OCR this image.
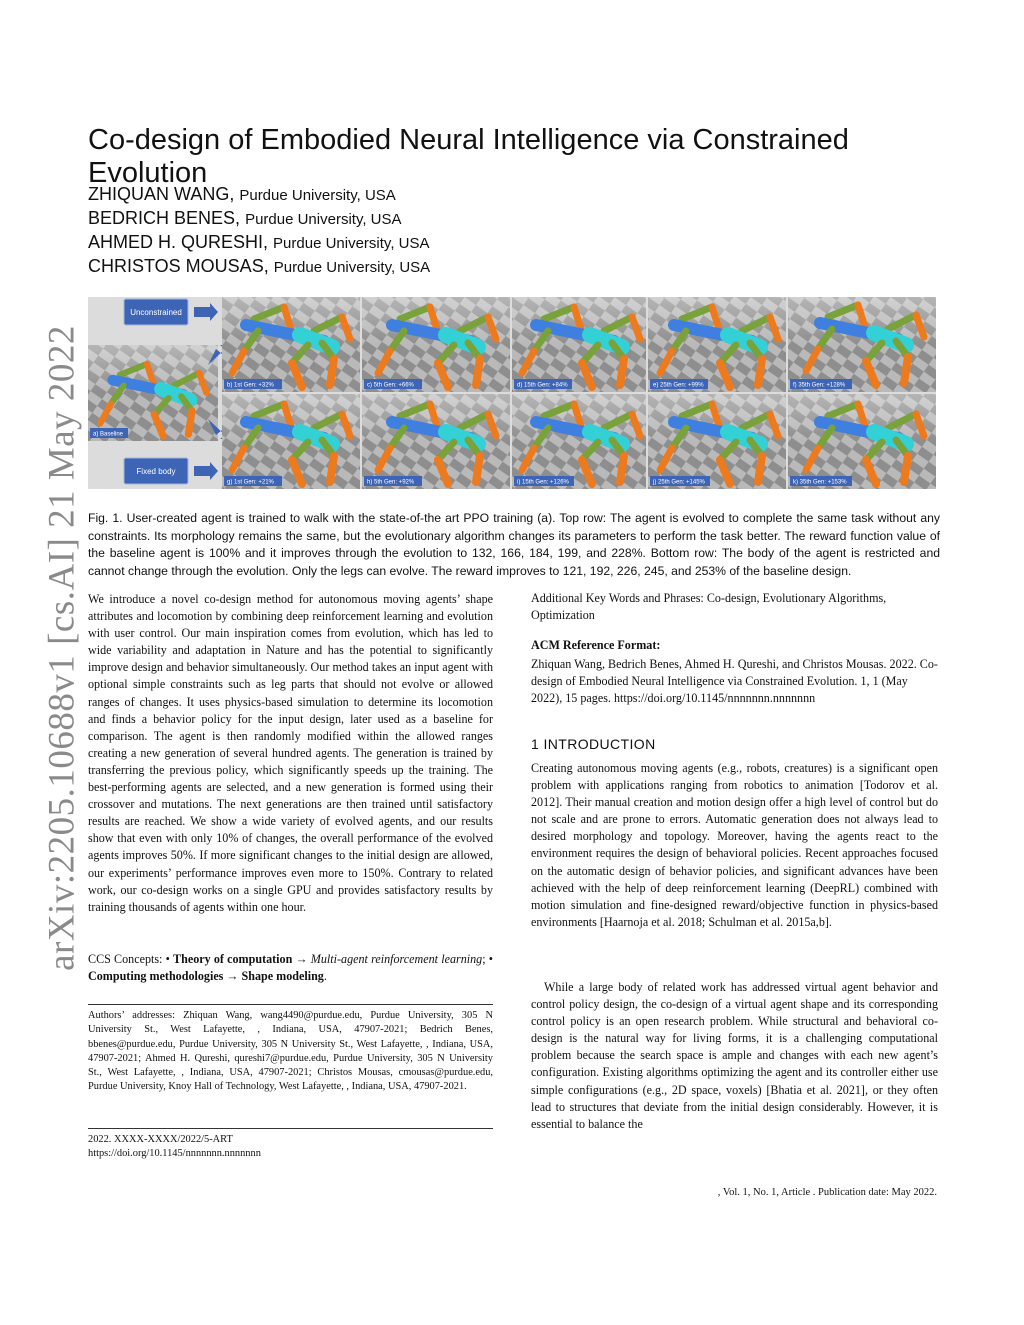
arXiv:2205.10688v1 [cs.AI] 21 May 2022
Co-design of Embodied Neural Intelligence via Constrained Evolution
ZHIQUAN WANG, Purdue University, USA
BEDRICH BENES, Purdue University, USA
AHMED H. QURESHI, Purdue University, USA
CHRISTOS MOUSAS, Purdue University, USA
a) Baseline
Unconstrained
Fixed body
b) 1st Gen: +32%	c) 5th Gen: +66%	d) 15th Gen: +84%	e) 25th Gen: +99%	f) 35th Gen: +128%
g) 1st Gen: +21%	h) 5th Gen: +92%	i) 15th Gen: +126%	j) 25th Gen: +145%	k) 35th Gen: +153%

Fig. 1. User-created agent is trained to walk with the state-of-the art PPO training (a). Top row: The agent is evolved to complete the same task without any constraints. Its morphology remains the same, but the evolutionary algorithm changes its parameters to perform the task better. The reward function value of the baseline agent is 100% and it improves through the evolution to 132, 166, 184, 199, and 228%. Bottom row: The body of the agent is restricted and cannot change through the evolution. Only the legs can evolve. The reward improves to 121, 192, 226, 245, and 253% of the baseline design.

We introduce a novel co-design method for autonomous moving agents’ shape attributes and locomotion by combining deep reinforcement learning and evolution with user control. Our main inspiration comes from evolution, which has led to wide variability and adaptation in Nature and has the potential to significantly improve design and behavior simultaneously. Our method takes an input agent with optional simple constraints such as leg parts that should not evolve or allowed ranges of changes. It uses physics-based simulation to determine its locomotion and finds a behavior policy for the input design, later used as a baseline for comparison. The agent is then randomly modified within the allowed ranges creating a new generation of several hundred agents. The generation is trained by transferring the previous policy, which significantly speeds up the training. The best-performing agents are selected, and a new generation is formed using their crossover and mutations. The next generations are then trained until satisfactory results are reached. We show a wide variety of evolved agents, and our results show that even with only 10% of changes, the overall performance of the evolved agents improves 50%. If more significant changes to the initial design are allowed, our experiments’ performance improves even more to 150%. Contrary to related work, our co-design works on a single GPU and provides satisfactory results by training thousands of agents within one hour.

CCS Concepts: • Theory of computation → Multi-agent reinforcement learning; • Computing methodologies → Shape modeling.

Authors’ addresses: Zhiquan Wang, wang4490@purdue.edu, Purdue University, 305 N University St., West Lafayette, , Indiana, USA, 47907-2021; Bedrich Benes, bbenes@purdue.edu, Purdue University, 305 N University St., West Lafayette, , Indiana, USA, 47907-2021; Ahmed H. Qureshi, qureshi7@purdue.edu, Purdue University, 305 N University St., West Lafayette, , Indiana, USA, 47907-2021; Christos Mousas, cmousas@purdue.edu, Purdue University, Knoy Hall of Technology, West Lafayette, , Indiana, USA, 47907-2021.

2022. XXXX-XXXX/2022/5-ART

https://doi.org/10.1145/nnnnnnn.nnnnnnn

Additional Key Words and Phrases: Co-design, Evolutionary Algorithms, Optimization

ACM Reference Format:

Zhiquan Wang, Bedrich Benes, Ahmed H. Qureshi, and Christos Mousas. 2022. Co-design of Embodied Neural Intelligence via Constrained Evolution. 1, 1 (May 2022), 15 pages. https://doi.org/10.1145/nnnnnnn.nnnnnnn

1 INTRODUCTION

Creating autonomous moving agents (e.g., robots, creatures) is a significant open problem with applications ranging from robotics to animation [Todorov et al. 2012]. Their manual creation and motion design offer a high level of control but do not scale and are prone to errors. Automatic generation does not always lead to desired morphology and topology. Moreover, having the agents react to the environment requires the design of behavioral policies. Recent approaches focused on the automatic design of behavior policies, and significant advances have been achieved with the help of deep reinforcement learning (DeepRL) combined with motion simulation and fine-designed reward/objective function in physics-based environments [Haarnoja et al. 2018; Schulman et al. 2015a,b].

While a large body of related work has addressed virtual agent behavior and control policy design, the co-design of a virtual agent shape and its corresponding control policy is an open research problem. While structural and behavioral co-design is the natural way for living forms, it is a challenging computational problem because the search space is ample and changes with each new agent’s configuration. Existing algorithms optimizing the agent and its controller either use simple configurations (e.g., 2D space, voxels) [Bhatia et al. 2021], or they often lead to structures that deviate from the initial design considerably. However, it is essential to balance the

, Vol. 1, No. 1, Article . Publication date: May 2022.
